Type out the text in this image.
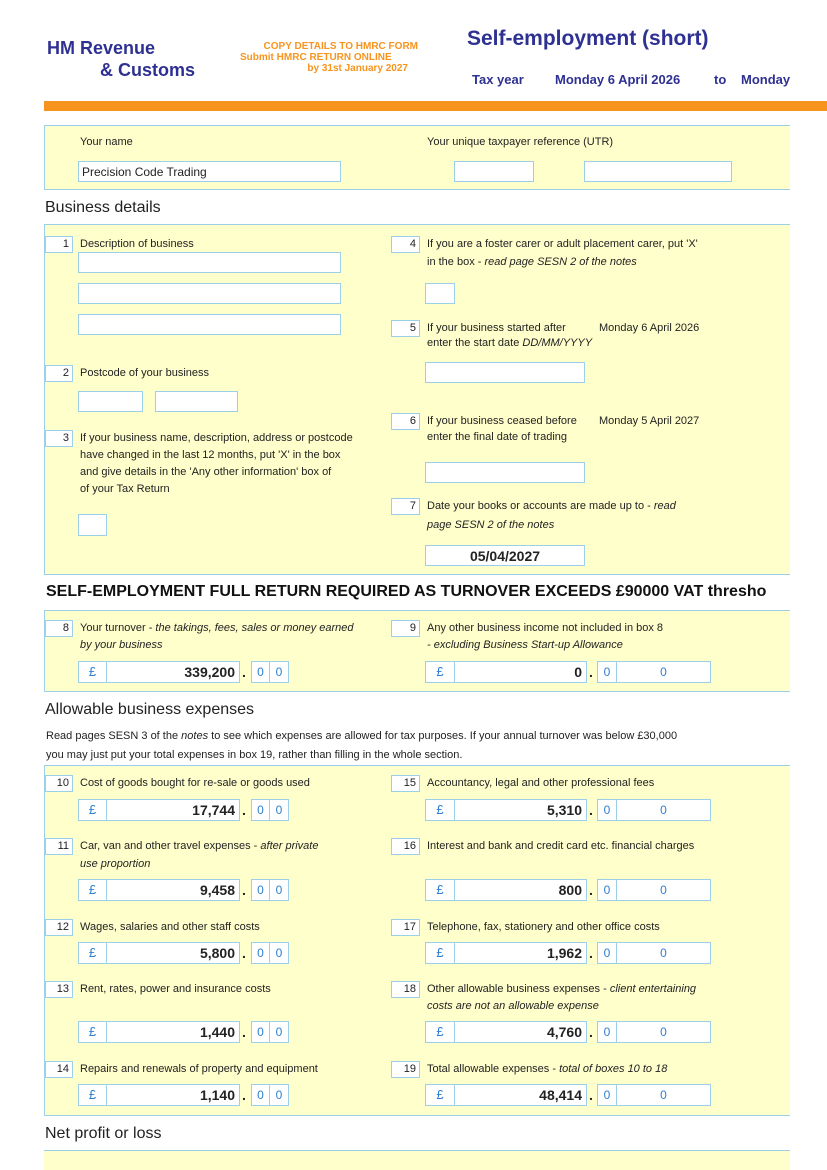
HM Revenue
& Customs
COPY DETAILS TO HMRC FORM
Submit HMRC RETURN ONLINE
by 31st January 2027
Self-employment (short)
Tax year Monday 6 April 2026	to Monday
Your name
Precision Code Trading
Your unique taxpayer reference (UTR)
Business details
1	Description of business
2	Postcode of your business
3	If your business name, description, address or postcode
have changed in the last 12 months, put 'X' in the box
and give details in the 'Any other information' box of
of your Tax Return
4	If you are a foster carer or adult placement carer, put 'X'
in the box - read page SESN 2 of the notes
5	If your business started after	Monday 6 April 2026
enter the start date DD/MM/YYYY
6	If your business ceased before Monday 5 April 2027
enter the final date of trading
7	Date your books or accounts are made up to - read
page SESN 2 of the notes
05/04/2027
SELF-EMPLOYMENT FULL RETURN REQUIRED AS TURNOVER EXCEEDS £90000 VAT thresho
8	Your turnover - the takings, fees, sales or money earned
by your business
£	339,200 . 0 0
9	Any other business income not included in box 8
- excluding Business Start-up Allowance
£	0 . 0	0
Allowable business expenses
Read pages SESN 3 of the notes to see which expenses are allowed for tax purposes. If your annual turnover was below £30,000
you may just put your total expenses in box 19, rather than filling in the whole section.
10	Cost of goods bought for re-sale or goods used
£	17,744 . 0 0
11	Car, van and other travel expenses - after private
use proportion
£	9,458 . 0 0
12	Wages, salaries and other staff costs
£	5,800 . 0 0
13	Rent, rates, power and insurance costs
£	1,440 . 0 0
14	Repairs and renewals of property and equipment
£	1,140 . 0 0
15	Accountancy, legal and other professional fees
£	5,310 . 0	0
16	Interest and bank and credit card etc. financial charges
£	800 . 0	0
17	Telephone, fax, stationery and other office costs
£	1,962 . 0	0
18	Other allowable business expenses - client entertaining
costs are not an allowable expense
£	4,760 . 0	0
19	Total allowable expenses - total of boxes 10 to 18
£	48,414 . 0	0
Net profit or loss
